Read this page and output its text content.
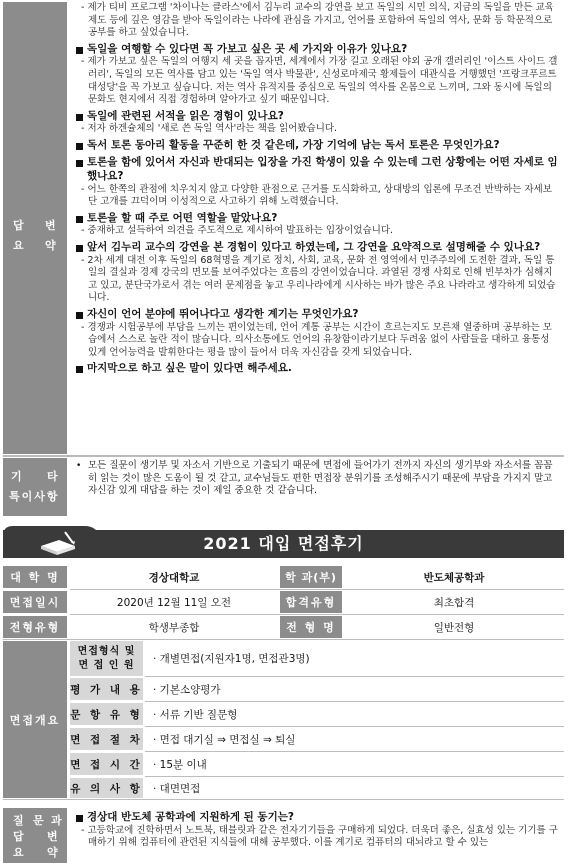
답 변
요 약
- 제가 티비 프로그램 '차이나는 클라스'에서 김누리 교수의 강연을 보고 독일의 시민 의식, 지금의 독일을 만든 교육 제도 등에 깊은 영감을 받아 독일이라는 나라에 관심을 가지고, 언어를 포함하여 독일의 역사, 문화 등 학문적으로 공부를 하고 싶었습니다.
독일을 여행할 수 있다면 꼭 가보고 싶은 곳 세 가지와 이유가 있나요?
- 제가 가보고 싶은 독일의 여행지 세 곳을 꼽자면, 세계에서 가장 길고 오래된 야외 공개 갤러리인 '이스트 사이드 갤러리', 독일의 모든 역사를 담고 있는 '독일 역사 박물관', 신성로마제국 황제들이 대관식을 거행했던 '프랑크푸르트 대성당'을 꼭 가보고 싶습니다. 저는 역사 유적지를 중심으로 독일의 역사를 온몸으로 느끼며, 그와 동시에 독일의 문화도 현지에서 직접 경험하며 알아가고 싶기 때문입니다.
독일에 관련된 서적을 읽은 경험이 있나요?
- 저자 하겐슐체의 '새로 쓴 독일 역사'라는 책을 읽어봤습니다.
독서 토론 동아리 활동을 꾸준히 한 것 같은데, 가장 기억에 남는 독서 토론은 무엇인가요?
토론을 함에 있어서 자신과 반대되는 입장을 가진 학생이 있을 수 있는데 그런 상황에는 어떤 자세로 임했나요?
- 어느 한쪽의 관점에 치우치지 않고 다양한 관점으로 근거를 도식화하고, 상대방의 입론에 무조건 반박하는 자세보단 고개를 끄덕이며 이성적으로 사고하기 위해 노력했습니다.
토론을 할 때 주로 어떤 역할을 맡았나요?
- 중재하고 설득하여 의견을 주도적으로 제시하여 발표하는 입장이었습니다.
앞서 김누리 교수의 강연을 본 경험이 있다고 하였는데, 그 강연을 요약적으로 설명해줄 수 있나요?
- 2차 세계 대전 이후 독일의 68혁명을 계기로 정치, 사회, 교육, 문화 전 영역에서 민주주의에 도전한 결과, 독일 통일의 결실과 경제 강국의 면모를 보여주었다는 흐름의 강연이었습니다. 과열된 경쟁 사회로 인해 빈부차가 심해지고 있고, 분단국가로서 겪는 여러 문제점을 놓고 우리나라에게 시사하는 바가 많은 주요 나라라고 생각하게 되었습니다.
자신이 언어 분야에 뛰어나다고 생각한 계기는 무엇인가요?
- 경쟁과 시험공부에 부담을 느끼는 편이었는데, 언어 계통 공부는 시간이 흐르는지도 모른채 열중하며 공부하는 모습에서 스스로 놀란 적이 많습니다. 의사소통에도 언어의 유창함이라기보다 두려움 없이 사람들을 대하고 융통성 있게 언어능력을 발휘한다는 평을 많이 들어서 더욱 자신감을 갖게 되었습니다.
마지막으로 하고 싶은 말이 있다면 해주세요.
기 타
특이사항
• 모든 질문이 생기부 및 자소서 기반으로 기출되기 때문에 면접에 들어가기 전까지 자신의 생기부와 자소서를 꼼꼼히 읽는 것이 많은 도움이 될 것 같고, 교수님들도 편한 면접장 분위기를 조성해주시기 때문에 부담을 가지지 말고 자신감 있게 대답을 하는 것이 제일 중요한 것 같습니다.
2021 대입 면접후기
대 학 명	경상대학교	학 과(부)	반도체공학과
면접일시	2020년 12월 11일 오전	합격유형	최초합격
전형유형	학생부종합	전 형 명	일반전형
면접개요
면접형식 및 면 접 인 원	· 개별면접(지원자1명, 면접관3명)
평 가 내 용 · 기본소양평가
문 항 유 형 · 서류 기반 질문형
면 접 절 차 · 면접 대기실 ⇒ 면접실 ⇒ 퇴실
면 접 시 간 · 15분 이내
유 의 사 항 · 대면면접
질 문 과
답 변
요 약
경상대 반도체 공학과에 지원하게 된 동기는?
- 고등학교에 진학하면서 노트북, 태블릿과 같은 전자기기들을 구매하게 되었다. 더욱더 좋은, 실효성 있는 기기를 구매하기 위해 컴퓨터에 관련된 지식들에 대해 공부했다. 이를 계기로 컴퓨터의 대뇌라고 할 수 있는
